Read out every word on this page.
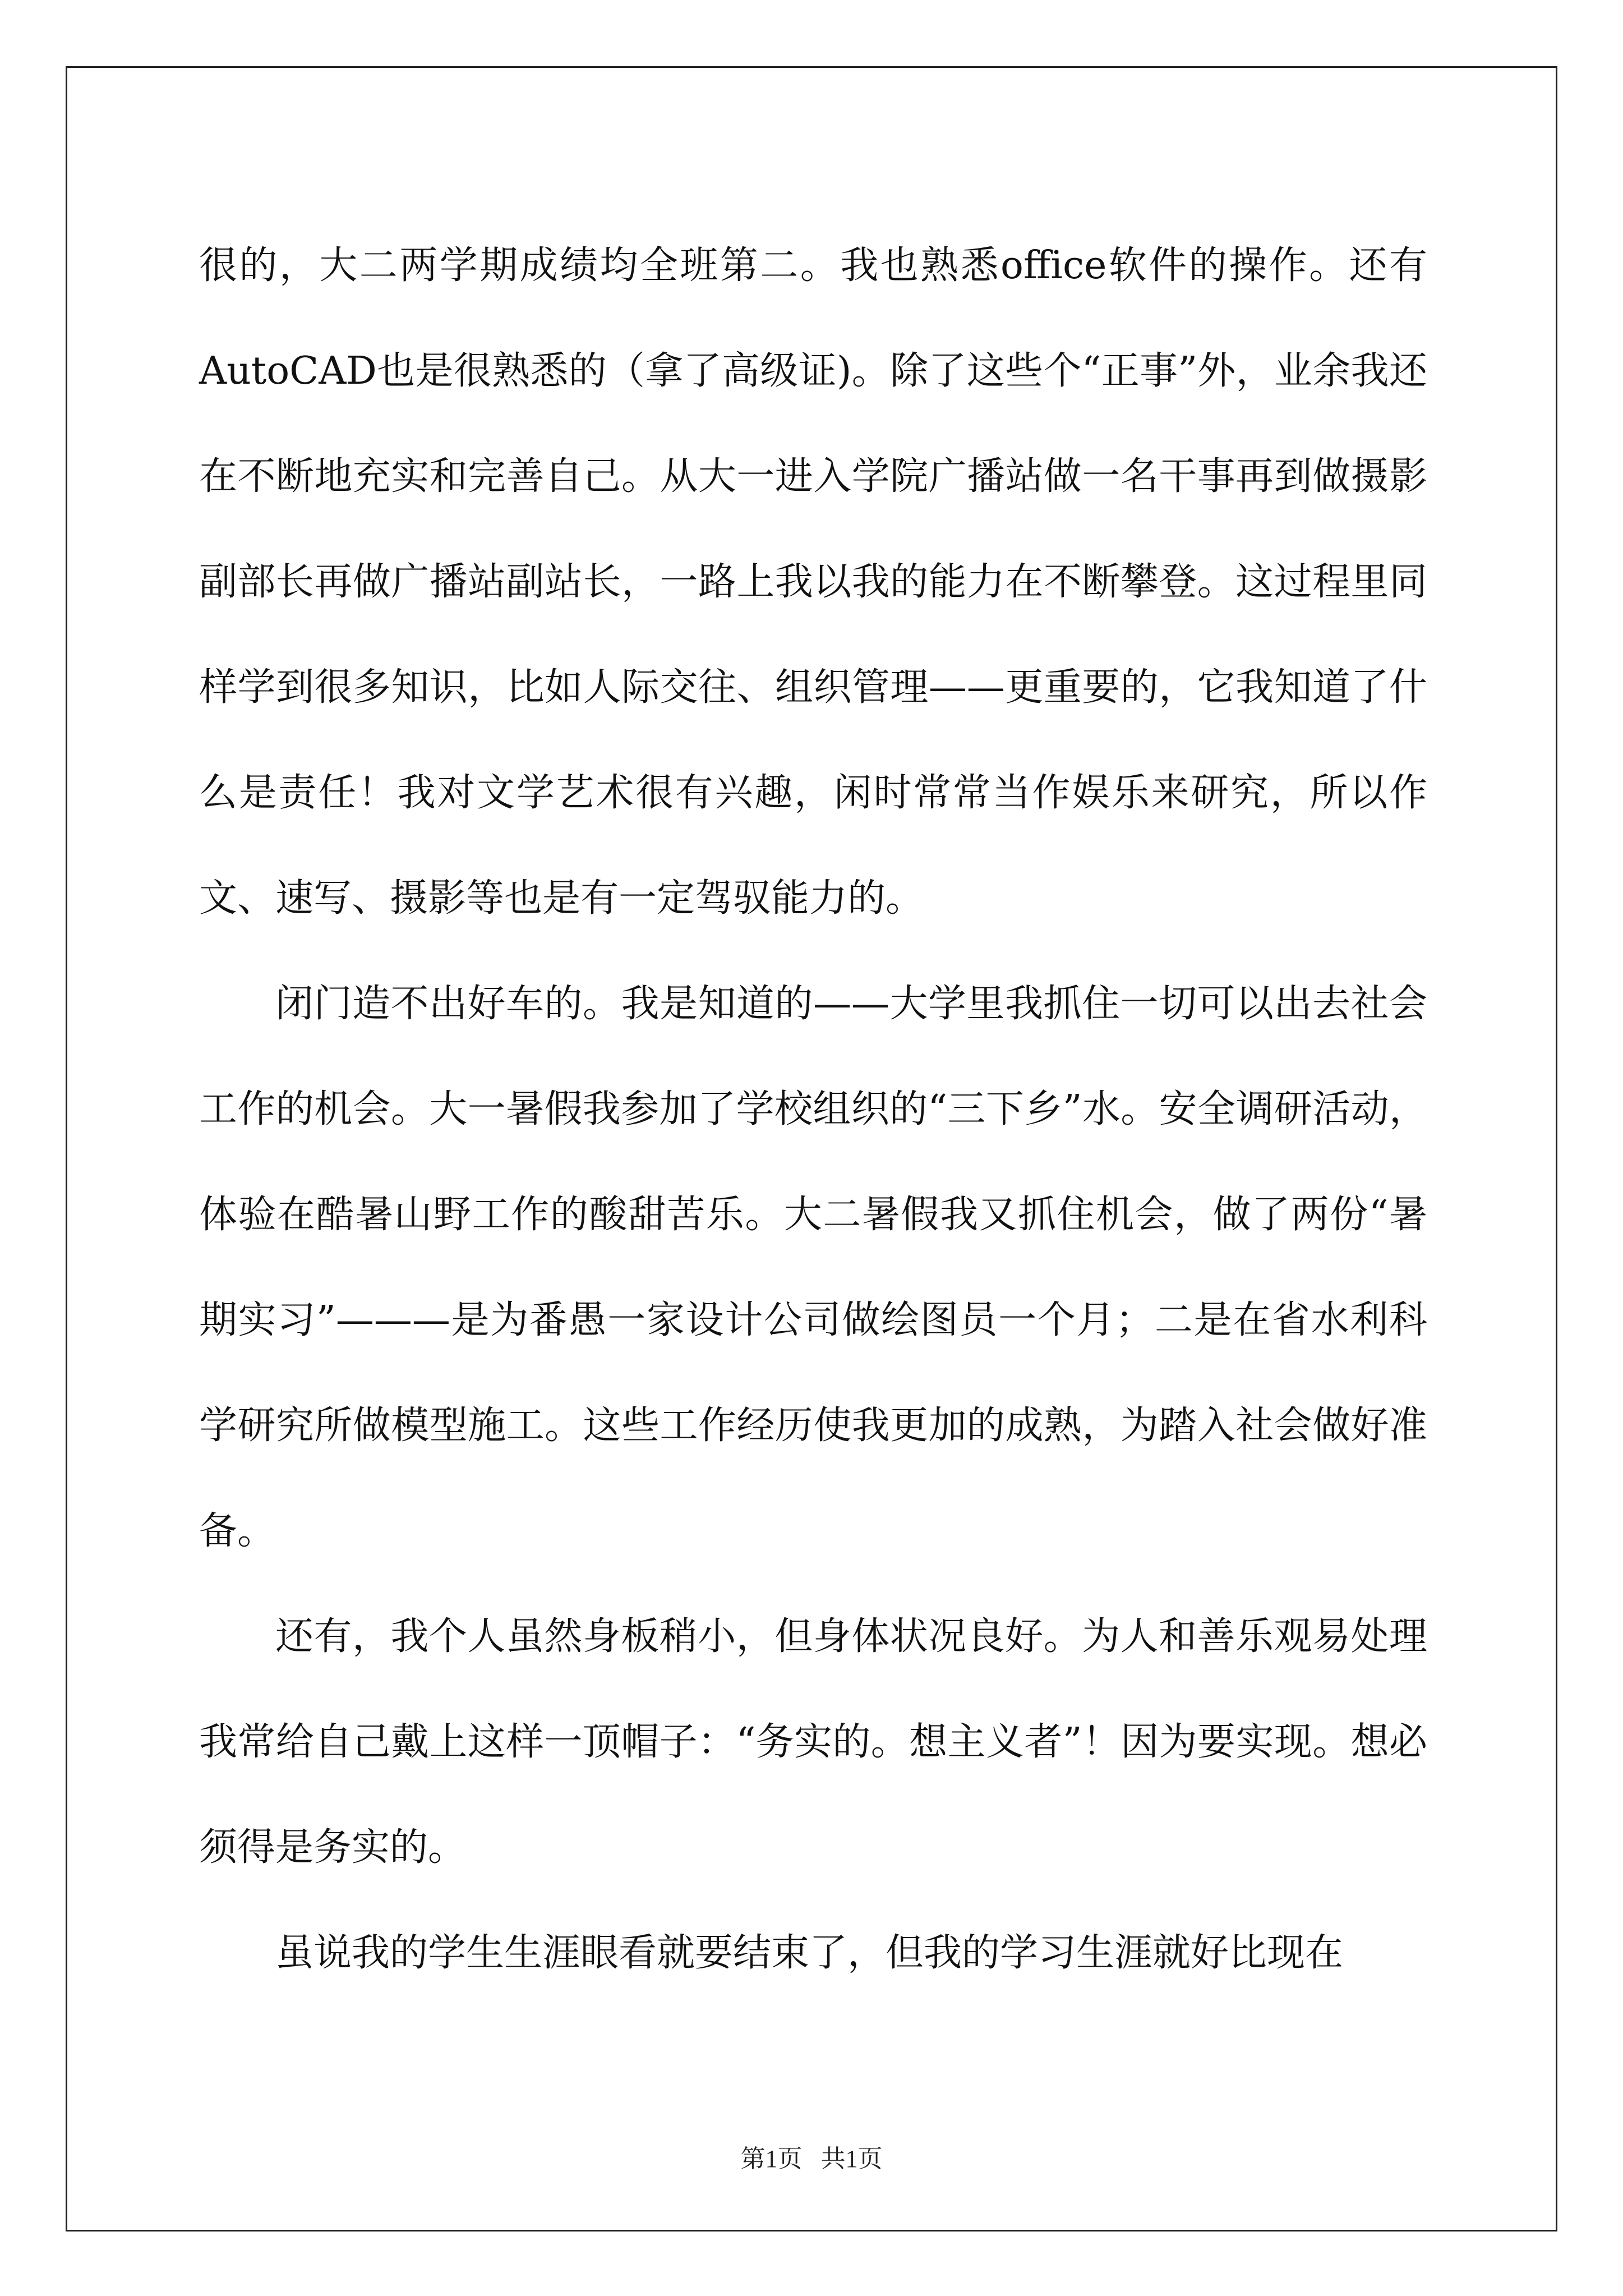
很的，大二两学期成绩均全班第二。我也熟悉office软件的操作。还有AutoCAD也是很熟悉的（拿了高级证)。除了这些个“正事”外，业余我还在不断地充实和完善自己。从大一进入学院广播站做一名干事再到做摄影副部长再做广播站副站长，一路上我以我的能力在不断攀登。这过程里同样学到很多知识，比如人际交往、组织管理——更重要的，它我知道了什么是责任！我对文学艺术很有兴趣，闲时常常当作娱乐来研究，所以作文、速写、摄影等也是有一定驾驭能力的。

闭门造不出好车的。我是知道的——大学里我抓住一切可以出去社会工作的机会。大一暑假我参加了学校组织的“三下乡”水。安全调研活动，体验在酷暑山野工作的酸甜苦乐。大二暑假我又抓住机会，做了两份“暑期实习”———是为番愚一家设计公司做绘图员一个月；二是在省水利科学研究所做模型施工。这些工作经历使我更加的成熟，为踏入社会做好准备。

还有，我个人虽然身板稍小，但身体状况良好。为人和善乐观易处理我常给自己戴上这样一顶帽子：“务实的。想主义者”！因为要实现。想必须得是务实的。

虽说我的学生生涯眼看就要结束了，但我的学习生涯就好比现在

第1页   共1页
